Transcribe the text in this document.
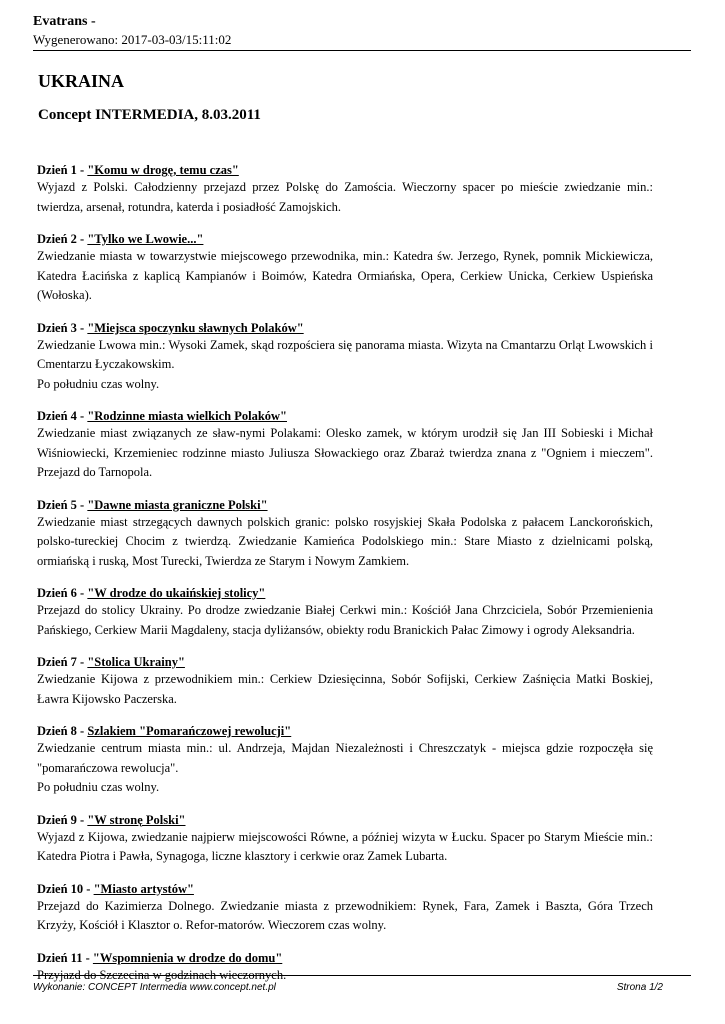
Evatrans -
Wygenerowano: 2017-03-03/15:11:02
UKRAINA
Concept INTERMEDIA, 8.03.2011
Dzień 1 - "Komu w drogę, temu czas"

Wyjazd z Polski. Całodzienny przejazd przez Polskę do Zamościa. Wieczorny spacer po mieście zwiedzanie min.: twierdza, arsenał, rotundra, katerda i posiadłość Zamojskich.

Dzień 2 - "Tylko we Lwowie..."

Zwiedzanie miasta w towarzystwie miejscowego przewodnika, min.: Katedra św. Jerzego, Rynek, pomnik Mickiewicza, Katedra Łacińska z kaplicą Kampianów i Boimów, Katedra Ormiańska, Opera, Cerkiew Unicka, Cerkiew Uspieńska (Wołoska).

Dzień 3 - "Miejsca spoczynku sławnych Polaków"

Zwiedzanie Lwowa min.: Wysoki Zamek, skąd rozpościera się panorama miasta. Wizyta na Cmantarzu Orląt Lwowskich i Cmentarzu Łyczakowskim.

Po południu czas wolny.

Dzień 4 - "Rodzinne miasta wielkich Polaków"

Zwiedzanie miast związanych ze sław-nymi Polakami: Olesko zamek, w którym urodził się Jan III Sobieski i Michał Wiśniowiecki, Krzemieniec rodzinne miasto Juliusza Słowackiego oraz Zbaraż twierdza znana z "Ogniem i mieczem". Przejazd do Tarnopola.

Dzień 5 - "Dawne miasta graniczne Polski"

Zwiedzanie miast strzegących dawnych polskich granic: polsko rosyjskiej Skała Podolska z pałacem Lanckorońskich, polsko-tureckiej Chocim z twierdzą. Zwiedzanie Kamieńca Podolskiego min.: Stare Miasto z dzielnicami polską, ormiańską i ruską, Most Turecki, Twierdza ze Starym i Nowym Zamkiem.

Dzień 6 - "W drodze do ukaińskiej stolicy"

Przejazd do stolicy Ukrainy. Po drodze zwiedzanie Białej Cerkwi min.: Kościół Jana Chrzciciela, Sobór Przemienienia Pańskiego, Cerkiew Marii Magdaleny, stacja dyliżansów, obiekty rodu Branickich Pałac Zimowy i ogrody Aleksandria.

Dzień 7 - "Stolica Ukrainy"

Zwiedzanie Kijowa z przewodnikiem min.: Cerkiew Dziesięcinna, Sobór Sofijski, Cerkiew Zaśnięcia Matki Boskiej, Ławra Kijowsko Paczerska.

Dzień 8 - Szlakiem "Pomarańczowej rewolucji"

Zwiedzanie centrum miasta min.: ul. Andrzeja, Majdan Niezależnosti i Chreszczatyk - miejsca gdzie rozpoczęła się "pomarańczowa rewolucja".

Po południu czas wolny.

Dzień 9 - "W stronę Polski"

Wyjazd z Kijowa, zwiedzanie najpierw miejscowości Równe, a później wizyta w Łucku. Spacer po Starym Mieście min.: Katedra Piotra i Pawła, Synagoga, liczne klasztory i cerkwie oraz Zamek Lubarta.

Dzień 10 - "Miasto artystów"

Przejazd do Kazimierza Dolnego. Zwiedzanie miasta z przewodnikiem: Rynek, Fara, Zamek i Baszta, Góra Trzech Krzyży, Kościół i Klasztor o. Refor-matorów. Wieczorem czas wolny.

Dzień 11 - "Wspomnienia w drodze do domu"

Przyjazd do Szczecina w godzinach wieczornych.

Wykonanie: CONCEPT Intermedia www.concept.net.pl	Strona 1/2
